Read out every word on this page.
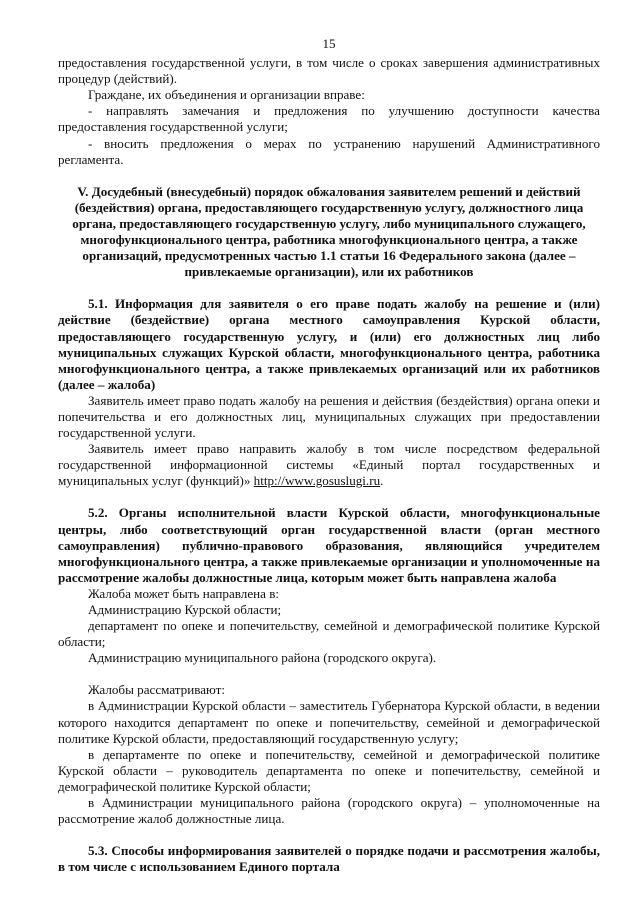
15

предоставления государственной услуги, в том числе о сроках завершения административных процедур (действий).

Граждане, их объединения и организации вправе:

- направлять замечания и предложения по улучшению доступности качества предоставления государственной услуги;

- вносить предложения о мерах по устранению нарушений Административного регламента.

V. Досудебный (внесудебный) порядок обжалования заявителем решений и действий (бездействия) органа, предоставляющего государственную услугу, должностного лица органа, предоставляющего государственную услугу, либо муниципального служащего, многофункционального центра, работника многофункционального центра, а также организаций, предусмотренных частью 1.1 статьи 16 Федерального закона (далее – привлекаемые организации), или их работников

5.1. Информация для заявителя о его праве подать жалобу на решение и (или) действие (бездействие) органа местного самоуправления Курской области, предоставляющего государственную услугу, и (или) его должностных лиц либо муниципальных служащих Курской области, многофункционального центра, работника многофункционального центра, а также привлекаемых организаций или их работников (далее – жалоба)

Заявитель имеет право подать жалобу на решения и действия (бездействия) органа опеки и попечительства и его должностных лиц, муниципальных служащих при предоставлении государственной услуги.

Заявитель имеет право направить жалобу в том числе посредством федеральной государственной информационной системы «Единый портал государственных и муниципальных услуг (функций)» http://www.gosuslugi.ru.

5.2. Органы исполнительной власти Курской области, многофункциональные центры, либо соответствующий орган государственной власти (орган местного самоуправления) публично-правового образования, являющийся учредителем многофункционального центра, а также привлекаемые организации и уполномоченные на рассмотрение жалобы должностные лица, которым может быть направлена жалоба

Жалоба может быть направлена в:

Администрацию Курской области;

департамент по опеке и попечительству, семейной и демографической политике Курской области;

Администрацию муниципального района (городского округа).

Жалобы рассматривают:

в Администрации Курской области – заместитель Губернатора Курской области, в ведении которого находится департамент по опеке и попечительству, семейной и демографической политике Курской области, предоставляющий государственную услугу;

в департаменте по опеке и попечительству, семейной и демографической политике Курской области – руководитель департамента по опеке и попечительству, семейной и демографической политике Курской области;

в Администрации муниципального района (городского округа) – уполномоченные на рассмотрение жалоб должностные лица.

5.3. Способы информирования заявителей о порядке подачи и рассмотрения жалобы, в том числе с использованием Единого портала
